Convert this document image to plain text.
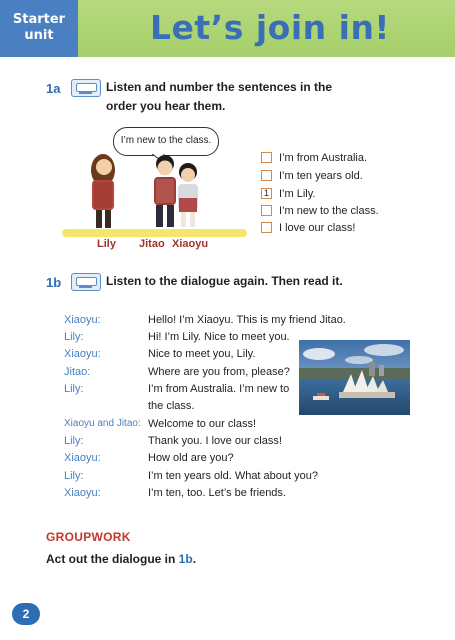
Starter
unit	Let’s join in!
1a	Listen and number the sentences in the
order you hear them.
I’m new to the class.
Lily Jitao Xiaoyu
I’m from Australia.
I’m ten years old.
1 I’m Lily.
I’m new to the class.
I love our class!
1b	Listen to the dialogue again. Then read it.
Xiaoyu:	Hello! I’m Xiaoyu. This is my friend Jitao.
Lily:	Hi! I’m Lily. Nice to meet you.
Xiaoyu:	Nice to meet you, Lily.
Jitao:	Where are you from, please?
Lily:	I’m from Australia. I’m new to
the class.
Xiaoyu and Jitao: Welcome to our class!
Lily:	Thank you. I love our class!
Xiaoyu:	How old are you?
Lily:	I’m ten years old. What about you?
Xiaoyu:	I’m ten, too. Let’s be friends.
GROUPWORK
Act out the dialogue in 1b.
2
